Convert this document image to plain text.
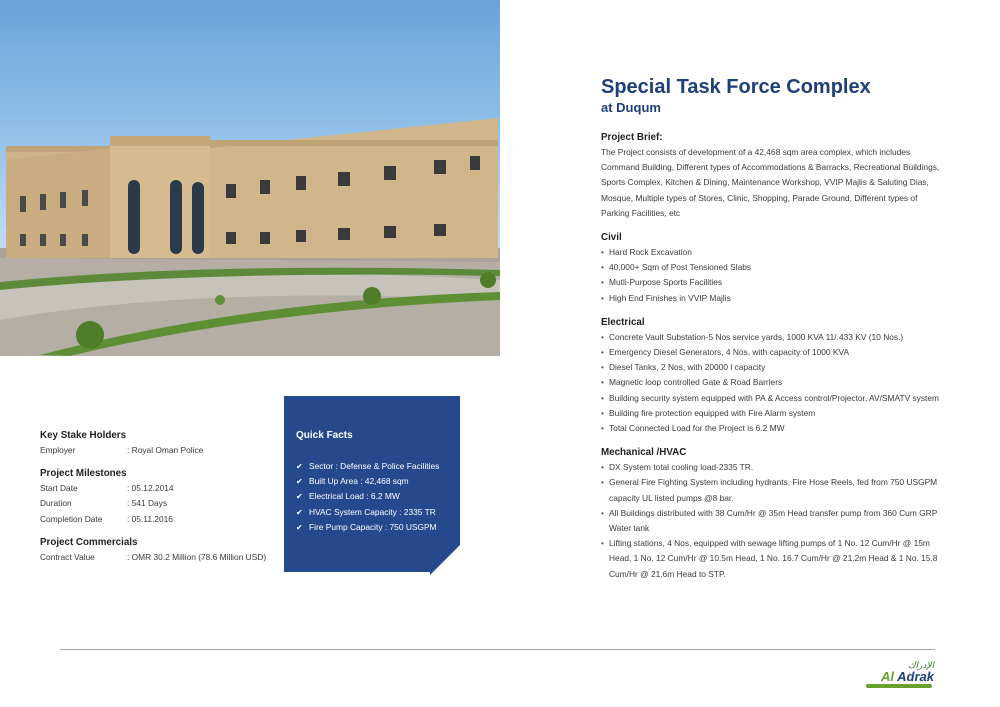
Special Task Force Complex
at Duqum
Project Brief:

The Project consists of development of a 42,468 sqm area complex, which includes Command Building, Different types of Accommodations & Barracks, Recreational Buildings, Sports Complex, Kitchen & Dining, Maintenance Workshop, VVIP Majlis & Saluting Dias, Mosque, Multiple types of Stores, Clinic, Shopping, Parade Ground, Different types of Parking Facilities, etc

Civil
• Hard Rock Excavation
• 40,000+ Sqm of Post Tensioned Slabs
• Mutli-Purpose Sports Facilities
• High End Finishes in VVIP Majlis
Electrical
• Concrete Vault Substation-5 Nos service yards, 1000 KVA 11/.433 KV (10 Nos.)
• Emergency Diesel Generators, 4 Nos, with capacity of 1000 KVA
• Diesel Tanks, 2 Nos, with 20000 l capacity
• Magnetic loop controlled Gate & Road Barriers
• Building security system equipped with PA & Access control/Projector, AV/SMATV system
• Building fire protection equipped with Fire Alarm system
• Total Connected Load for the Project is 6.2 MW
Mechanical /HVAC
• DX System total cooling load-2335 TR.
• General Fire Fighting System including hydrants, Fire Hose Reels, fed from 750 USGPM capacity UL listed pumps @8 bar.
• All Buildings distributed with 38 Cum/Hr @ 35m Head transfer pump from 360 Cum GRP Water tank
• Lifting stations, 4 Nos, equipped with sewage lifting pumps of 1 No. 12 Cum/Hr @ 15m Head, 1 No. 12 Cum/Hr @ 10.5m Head, 1 No. 16.7 Cum/Hr @ 21.2m Head & 1 No. 15.8 Cum/Hr @ 21.6m Head to STP.
Key Stake Holders
Employer	: Royal Oman Police
Project Milestones
Start Date	: 05.12.2014
Duration	: 541 Days
Completion Date	: 05.11.2016
Project Commercials
Contract Value	: OMR 30.2 Million (78.6 Million USD)
Quick Facts
✔ Sector : Defense & Police Facilities
✔ Built Up Area : 42,468 sqm
✔ Electrical Load : 6.2 MW
✔ HVAC System Capacity : 2335 TR
✔ Fire Pump Capacity : 750 USGPM
الإدراك
Al Adrak
